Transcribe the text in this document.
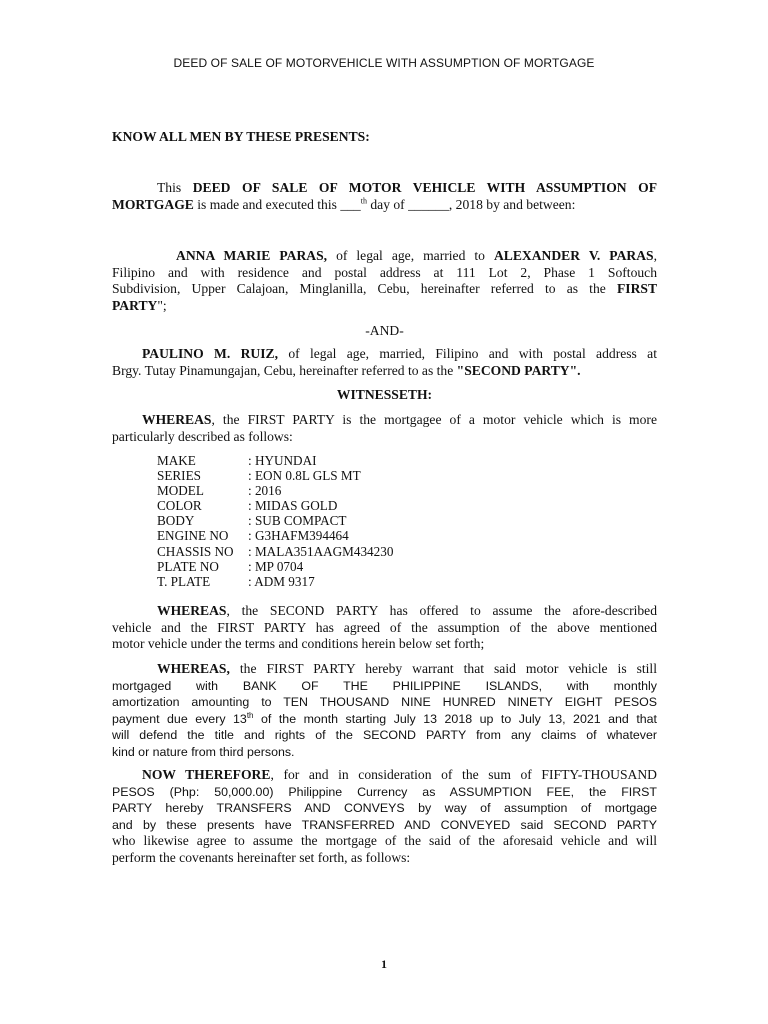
DEED OF SALE OF MOTORVEHICLE WITH ASSUMPTION OF MORTGAGE
KNOW ALL MEN BY THESE PRESENTS:
This DEED OF SALE OF MOTOR VEHICLE WITH ASSUMPTION OF
MORTGAGE is made and executed this ___$^{th}$ day of ______, 2018 by and between:
ANNA MARIE PARAS, of legal age, married to ALEXANDER V. PARAS,
Filipino and with residence and postal address at 111 Lot 2, Phase 1 Softouch
Subdivision, Upper Calajoan, Minglanilla, Cebu, hereinafter referred to as the FIRST
PARTY";
-AND-
PAULINO M. RUIZ, of legal age, married, Filipino and with postal address at
Brgy. Tutay Pinamungajan, Cebu, hereinafter referred to as the "SECOND PARTY".
WITNESSETH:
WHEREAS, the FIRST PARTY is the mortgagee of a motor vehicle which is more
particularly described as follows:
MAKE	: HYUNDAI
SERIES	: EON 0.8L GLS MT
MODEL	: 2016
COLOR	: MIDAS GOLD
BODY	: SUB COMPACT
ENGINE NO	: G3HAFM394464
CHASSIS NO	: MALA351AAGM434230
PLATE NO	: MP 0704
T. PLATE	: ADM 9317
WHEREAS, the SECOND PARTY has offered to assume the afore-described
vehicle and the FIRST PARTY has agreed of the assumption of the above mentioned
motor vehicle under the terms and conditions herein below set forth;
WHEREAS, the FIRST PARTY hereby warrant that said motor vehicle is still
mortgaged with BANK OF THE PHILIPPINE ISLANDS, with monthly
amortization amounting to TEN THOUSAND NINE HUNRED NINETY EIGHT PESOS
payment due every 13th of the month starting July 13 2018 up to July 13, 2021 and that
will defend the title and rights of the SECOND PARTY from any claims of whatever
kind or nature from third persons.
NOW THEREFORE, for and in consideration of the sum of FIFTY-THOUSAND
PESOS (Php: 50,000.00) Philippine Currency as ASSUMPTION FEE, the FIRST
PARTY hereby TRANSFERS AND CONVEYS by way of assumption of mortgage
and by these presents have TRANSFERRED AND CONVEYED said SECOND PARTY
who likewise agree to assume the mortgage of the said of the aforesaid vehicle and will
perform the covenants hereinafter set forth, as follows:
1
